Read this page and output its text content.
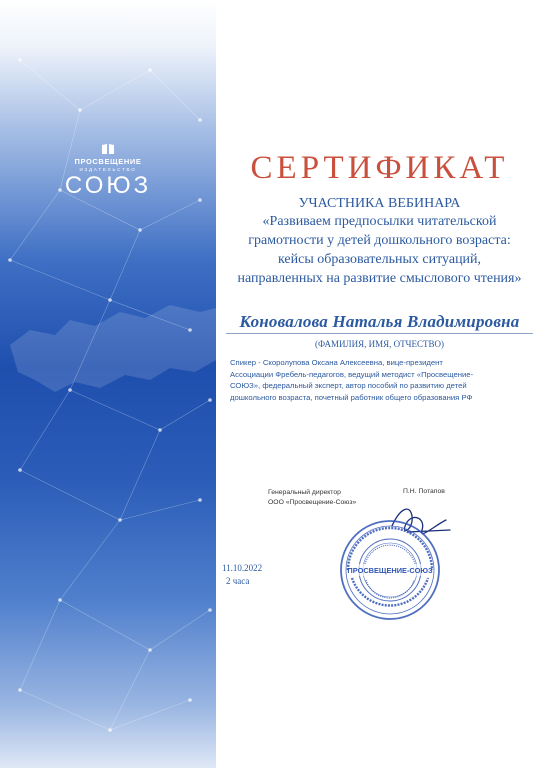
ПРОСВЕЩЕНИЕ
ИЗДАТЕЛЬСТВО
СОЮЗ	СЕРТИФИКАТ
УЧАСТНИКА ВЕБИНАРА
«Развиваем предпосылки читательской
грамотности у детей дошкольного возраста:
кейсы образовательных ситуаций,
направленных на развитие смыслового чтения»
Коновалова Наталья Владимировна
(ФАМИЛИЯ, ИМЯ, ОТЧЕСТВО)
Спикер - Скоролупова Оксана Алексеевна, вице-президент
Ассоциации Фребель-педагогов, ведущий методист «Просвещение-
СОЮЗ», федеральный эксперт, автор пособий по развитию детей
дошкольного возраста, почетный работник общего образования РФ
Генеральный директор
ООО «Просвещение-Союз»
П.Н. Потапов
ПРОСВЕЩЕНИЕ-СОЮЗ
11.10.2022
2 часа
